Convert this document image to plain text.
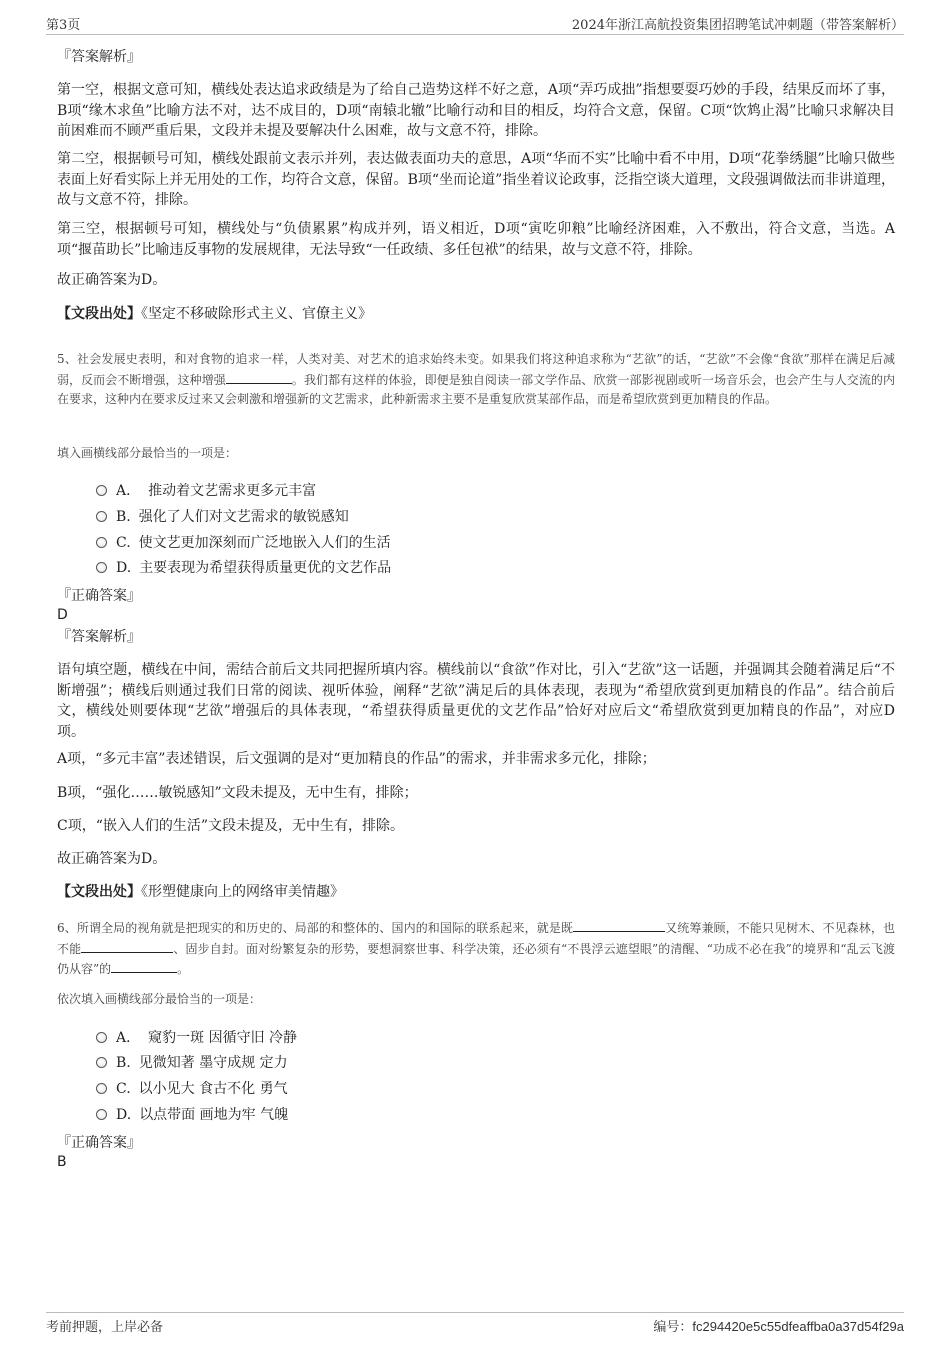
第3页	2024年浙江高航投资集团招聘笔试冲刺题（带答案解析）
『答案解析』
第一空，根据文意可知，横线处表达追求政绩是为了给自己造势这样不好之意，A项“弄巧成拙”指想要耍巧妙的手段，结果反而坏了事，B项“缘木求鱼”比喻方法不对，达不成目的，D项“南辕北辙”比喻行动和目的相反，均符合文意，保留。C项“饮鸩止渴”比喻只求解决目前困难而不顾严重后果，文段并未提及要解决什么困难，故与文意不符，排除。
第二空，根据顿号可知，横线处跟前文表示并列，表达做表面功夫的意思，A项“华而不实”比喻中看不中用，D项“花拳绣腿”比喻只做些表面上好看实际上并无用处的工作，均符合文意，保留。B项“坐而论道”指坐着议论政事，泛指空谈大道理，文段强调做法而非讲道理，故与文意不符，排除。
第三空，根据顿号可知，横线处与“负债累累”构成并列，语义相近，D项“寅吃卯粮”比喻经济困难，入不敷出，符合文意，当选。A项“揠苗助长”比喻违反事物的发展规律，无法导致“一任政绩、多任包袱”的结果，故与文意不符，排除。
故正确答案为D。
【文段出处】《坚定不移破除形式主义、官僚主义》
5、社会发展史表明，和对食物的追求一样，人类对美、对艺术的追求始终未变。如果我们将这种追求称为“艺欲”的话，“艺欲”不会像“食欲”那样在满足后减弱，反而会不断增强，这种增强	。我们都有这样的体验，即便是独自阅读一部文学作品、欣赏一部影视剧或听一场音乐会，也会产生与人交流的内在要求，这种内在要求反过来又会刺激和增强新的文艺需求，此种新需求主要不是重复欣赏某部作品，而是希望欣赏到更加精良的作品。
填入画横线部分最恰当的一项是：
A． 推动着文艺需求更多元丰富
B. 强化了人们对文艺需求的敏锐感知
C. 使文艺更加深刻而广泛地嵌入人们的生活
D. 主要表现为希望获得质量更优的文艺作品
『正确答案』
D
『答案解析』
语句填空题，横线在中间，需结合前后文共同把握所填内容。横线前以“食欲”作对比，引入“艺欲”这一话题，并强调其会随着满足后“不断增强”；横线后则通过我们日常的阅读、视听体验，阐释“艺欲”满足后的具体表现，表现为“希望欣赏到更加精良的作品”。结合前后文，横线处则要体现“艺欲”增强后的具体表现，“希望获得质量更优的文艺作品”恰好对应后文“希望欣赏到更加精良的作品”，对应D项。
A项，“多元丰富”表述错误，后文强调的是对“更加精良的作品”的需求，并非需求多元化，排除；
B项，“强化……敏锐感知”文段未提及，无中生有，排除；
C项，“嵌入人们的生活”文段未提及，无中生有，排除。
故正确答案为D。
【文段出处】《形塑健康向上的网络审美情趣》
6、所谓全局的视角就是把现实的和历史的、局部的和整体的、国内的和国际的联系起来，就是既	又统筹兼顾，不能只见树木、不见森林，也不能	、固步自封。面对纷繁复杂的形势，要想洞察世事、科学决策，还必须有“不畏浮云遮望眼”的清醒、“功成不必在我”的境界和“乱云飞渡仍从容”的	。
依次填入画横线部分最恰当的一项是：
A． 窥豹一斑 因循守旧 冷静
B. 见微知著 墨守成规 定力
C. 以小见大 食古不化 勇气
D. 以点带面 画地为牢 气魄
『正确答案』
B
考前押题，上岸必备	编号：fc294420e5c55dfeaffba0a37d54f29a
